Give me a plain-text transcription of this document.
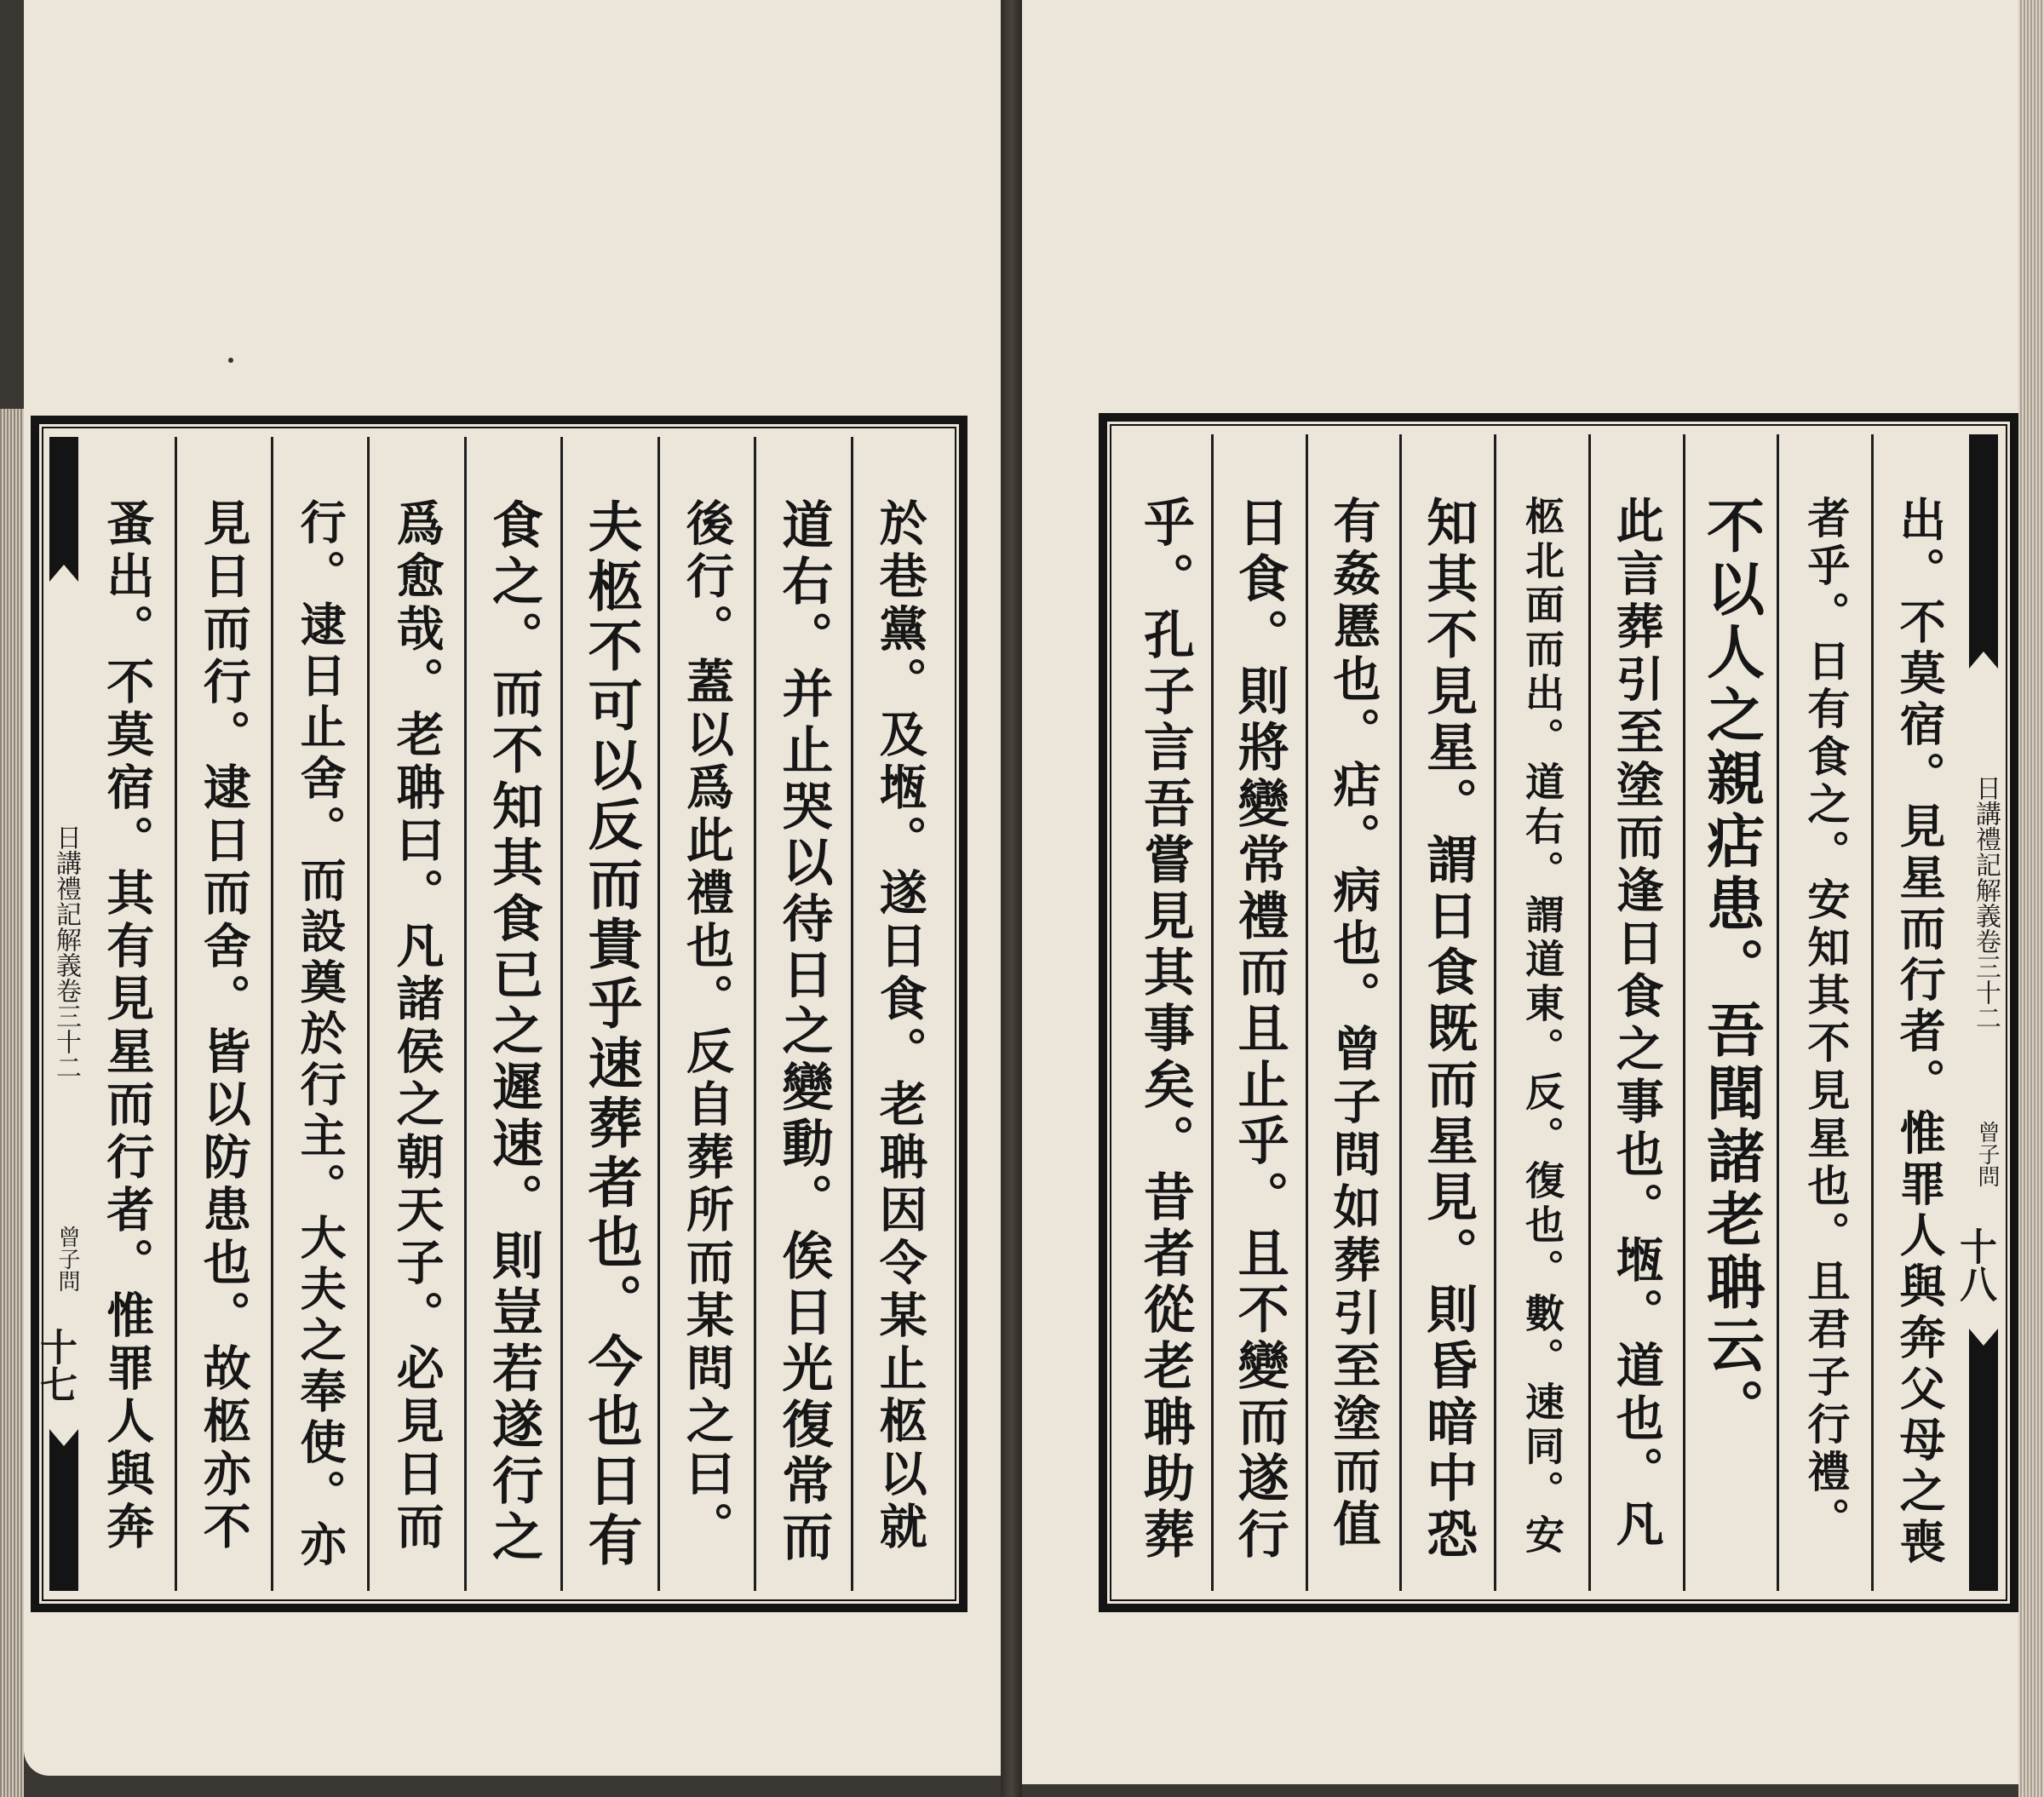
日講禮記解義卷三十二
曾子問
十七	於巷黨。及堩。遂日食。老聃因令某止柩以就
道右。并止哭以待日之變動。俟日光復常而
後行。蓋以爲此禮也。反自葬所而某問之曰。
夫柩不可以反而貴乎速葬者也。今也日有
食之。而不知其食已之遲速。則豈若遂行之
爲愈哉。老聃曰。凡諸侯之朝天子。必見日而
行。逮日止舍。而設奠於行主。大夫之奉使。亦
見日而行。逮日而舍。皆以防患也。故柩亦不
蚤出。不莫宿。其有見星而行者。惟罪人與奔	日講禮記解義卷三十二
曾子問
十八
出。不莫宿。見星而行者。惟罪人與奔父母之喪
者乎。日有食之。安知其不見星也。且君子行禮。
不以人之親痁患。吾聞諸老聃云。
此言葬引至塗而逢日食之事也。堩。道也。凡
柩北面而出。道右。謂道東。反。復也。數。速同。安
知其不見星。謂日食既而星見。則昏暗中恐
有姦慝也。痁。病也。曾子問如葬引至塗而值
日食。則將變常禮而且止乎。且不變而遂行
乎。孔子言吾嘗見其事矣。昔者從老聃助葬
